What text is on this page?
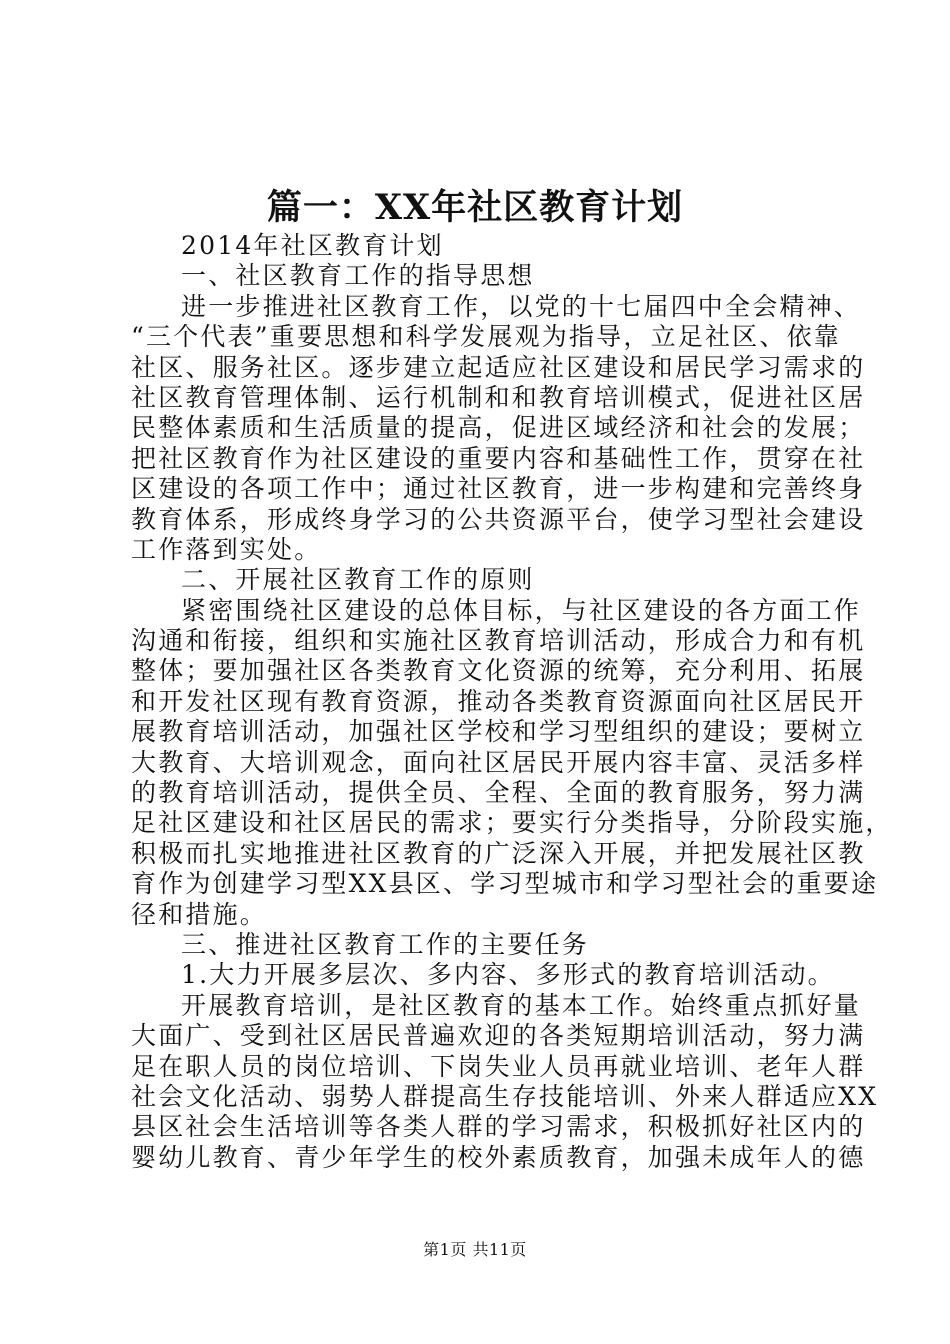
篇一：XX年社区教育计划
2014年社区教育计划
一、社区教育工作的指导思想
进一步推进社区教育工作，以党的十七届四中全会精神、
“三个代表”重要思想和科学发展观为指导，立足社区、依靠
社区、服务社区。逐步建立起适应社区建设和居民学习需求的
社区教育管理体制、运行机制和和教育培训模式，促进社区居
民整体素质和生活质量的提高，促进区域经济和社会的发展；
把社区教育作为社区建设的重要内容和基础性工作，贯穿在社
区建设的各项工作中；通过社区教育，进一步构建和完善终身
教育体系，形成终身学习的公共资源平台，使学习型社会建设
工作落到实处。
二、开展社区教育工作的原则
紧密围绕社区建设的总体目标，与社区建设的各方面工作
沟通和衔接，组织和实施社区教育培训活动，形成合力和有机
整体；要加强社区各类教育文化资源的统筹，充分利用、拓展
和开发社区现有教育资源，推动各类教育资源面向社区居民开
展教育培训活动，加强社区学校和学习型组织的建设；要树立
大教育、大培训观念，面向社区居民开展内容丰富、灵活多样
的教育培训活动，提供全员、全程、全面的教育服务，努力满
足社区建设和社区居民的需求；要实行分类指导，分阶段实施，
积极而扎实地推进社区教育的广泛深入开展，并把发展社区教
育作为创建学习型XX县区、学习型城市和学习型社会的重要途
径和措施。
三、推进社区教育工作的主要任务
1.大力开展多层次、多内容、多形式的教育培训活动。
开展教育培训，是社区教育的基本工作。始终重点抓好量
大面广、受到社区居民普遍欢迎的各类短期培训活动，努力满
足在职人员的岗位培训、下岗失业人员再就业培训、老年人群
社会文化活动、弱势人群提高生存技能培训、外来人群适应XX
县区社会生活培训等各类人群的学习需求，积极抓好社区内的
婴幼儿教育、青少年学生的校外素质教育，加强未成年人的德
第1页 共11页
